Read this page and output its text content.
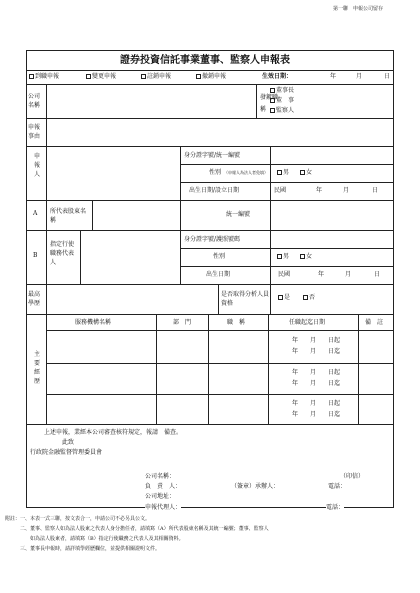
第一聯　申報公司留存
證券投資信託事業董事、監察人申報表
到職申報	變更申報	註銷申報	撤銷申報	生效日期：	年	月	日
公司名稱
發鍍職稱
董事長
董　事
監察人
申報事由
申報人
身分證字號/統一編號
性別 （申報人為法人者免填）	男	女
出生日期/設立日期	民國	年	月	日
A 所代表股東名稱
統一編號
B
指定行使職務代表人
身分證字號/護照號碼
性別	男	女
出生日期	民國	年	月	日
最高學歷
是否取得分析人員資格
是	否
主要經歷
服務機構名稱	部　門	職　稱	任職起迄日期	備　註
年　　月　　日起
年　　月　　日迄
年　　月　　日起
年　　月　　日迄
年　　月　　日起
年　　月　　日迄
上述申報，業經本公司審查核符規定，報請　備查。
此致
行政院金融監督管理委員會
公司名稱：	（印信）
負　責　人：	（簽章）承辦人：	電話：
公司地址：
申報代理人：	電話：
附註：一、本表一式三聯，按文表合一，申請公司不必另具公文。
　　　二、董事、監察人如為法人股東之代表人身分擔任者，請填寫（A）所代表股東名稱及其統一編號；董事、監察人
　　　　　如為法人股東者，請填寫（B）指定行使職務之代表人及其相關資料。
　　　三、董事長申報時，請詳填學經歷欄位，並提供相關證明文件。
